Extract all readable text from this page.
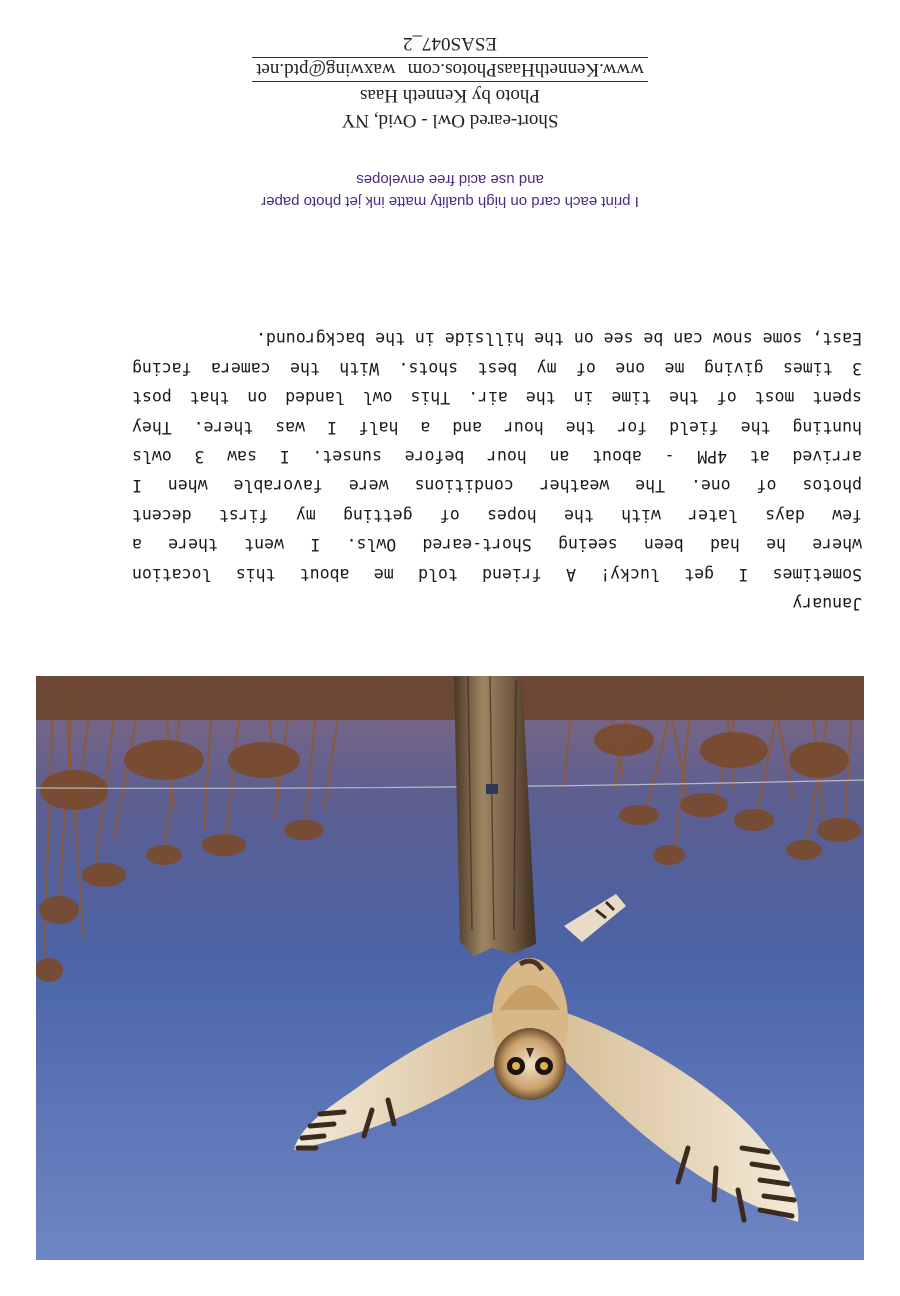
January
Sometimes I get lucky! A friend told me about this location
where he had been seeing Short-eared Owls. I went there a
few days later with the hopes of getting my first decent
photos of one. The weather conditions were favorable when I
arrived at 4PM - about an hour before sunset. I saw 3 owls
hunting the field for the hour and a half I was there. They
spent most of the time in the air. This owl landed on that post
3 times giving me one of my best shots. With the camera facing
East, some snow can be see on the hillside in the background.
I print each card on high quality matte ink jet photo paper
and use acid free envelopes
Short-eared Owl - Ovid, NY
Photo by Kenneth Haas
www.KennethHaasPhotos.comwaxwing@ptd.net
ESAS047_2
